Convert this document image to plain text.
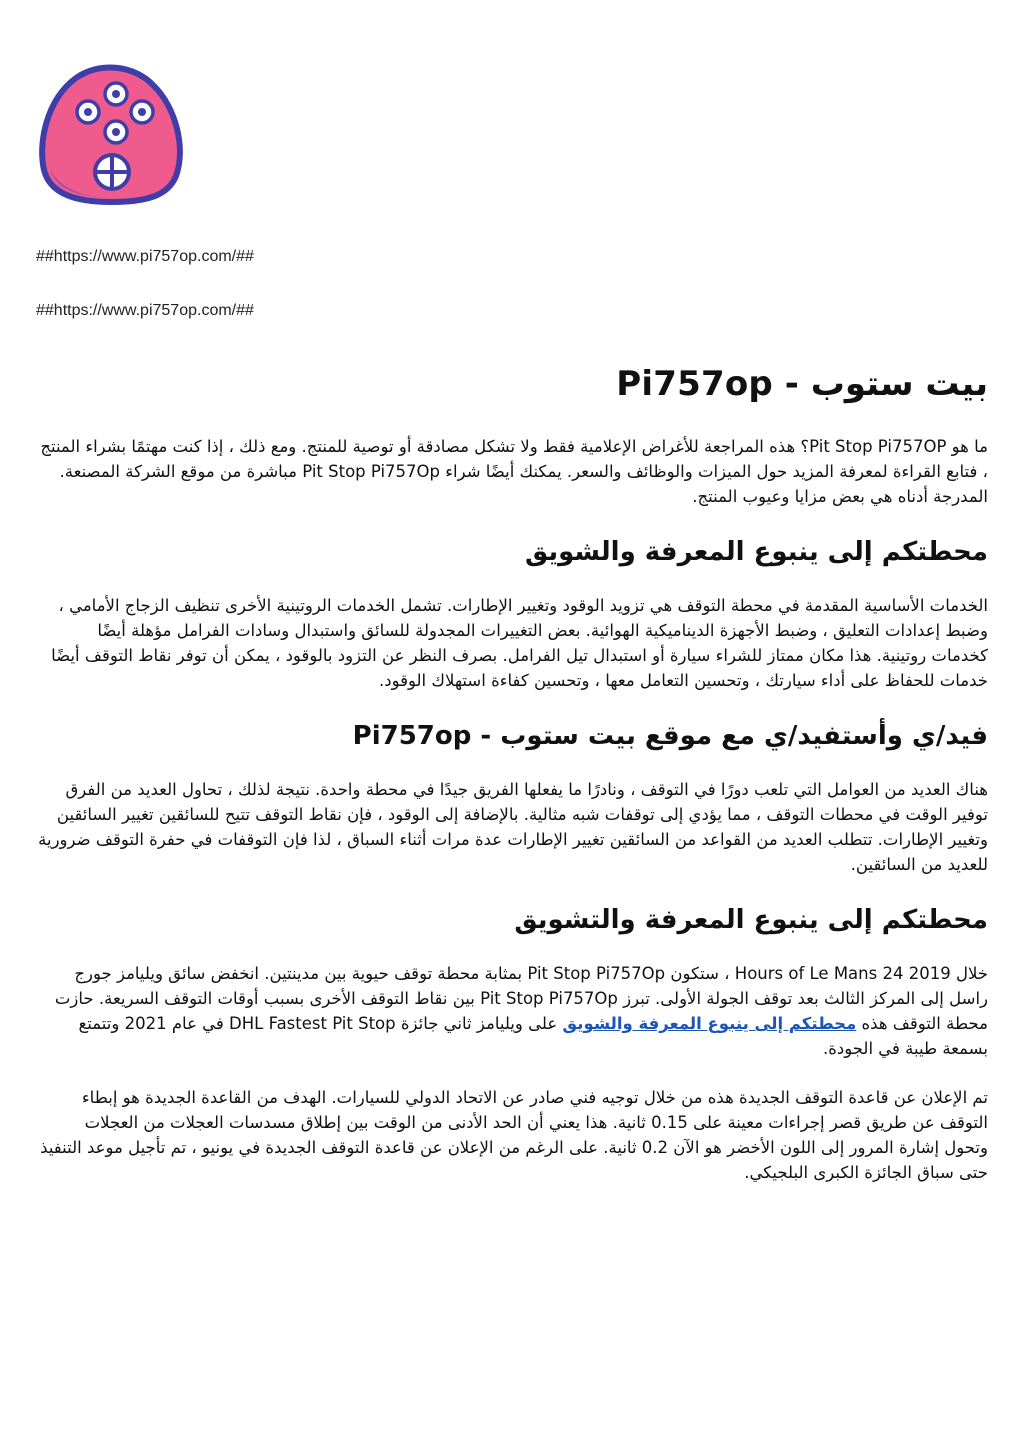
##https://www.pi757op.com/##
##https://www.pi757op.com/##
بيت ستوب - Pi757op

ما هو Pit Stop Pi757OP؟ هذه المراجعة للأغراض الإعلامية فقط ولا تشكل مصادقة أو توصية للمنتج. ومع ذلك ، إذا كنت مهتمًا بشراء المنتج ، فتابع القراءة لمعرفة المزيد حول الميزات والوظائف والسعر. يمكنك أيضًا شراء Pit Stop Pi757Op مباشرة من موقع الشركة المصنعة. المدرجة أدناه هي بعض مزايا وعيوب المنتج.

محطتكم إلى ينبوع المعرفة والشويق

الخدمات الأساسية المقدمة في محطة التوقف هي تزويد الوقود وتغيير الإطارات. تشمل الخدمات الروتينية الأخرى تنظيف الزجاج الأمامي ، وضبط إعدادات التعليق ، وضبط الأجهزة الديناميكية الهوائية. بعض التغييرات المجدولة للسائق واستبدال وسادات الفرامل مؤهلة أيضًا كخدمات روتينية. هذا مكان ممتاز للشراء سيارة أو استبدال تيل الفرامل. بصرف النظر عن التزود بالوقود ، يمكن أن توفر نقاط التوقف أيضًا خدمات للحفاظ على أداء سيارتك ، وتحسين التعامل معها ، وتحسين كفاءة استهلاك الوقود.

فيد/ي وأستفيد/ي مع موقع بيت ستوب - Pi757op

هناك العديد من العوامل التي تلعب دورًا في التوقف ، ونادرًا ما يفعلها الفريق جيدًا في محطة واحدة. نتيجة لذلك ، تحاول العديد من الفرق توفير الوقت في محطات التوقف ، مما يؤدي إلى توقفات شبه مثالية. بالإضافة إلى الوقود ، فإن نقاط التوقف تتيح للسائقين تغيير السائقين وتغيير الإطارات. تتطلب العديد من القواعد من السائقين تغيير الإطارات عدة مرات أثناء السباق ، لذا فإن التوقفات في حفرة التوقف ضرورية للعديد من السائقين.

محطتكم إلى ينبوع المعرفة والتشويق

خلال 2019 24 Hours of Le Mans ، ستكون Pit Stop Pi757Op بمثابة محطة توقف حيوية بين مدينتين. انخفض سائق ويليامز جورج راسل إلى المركز الثالث بعد توقف الجولة الأولى. تبرز Pit Stop Pi757Op بين نقاط التوقف الأخرى بسبب أوقات التوقف السريعة. حازت محطة التوقف هذه محطتكم إلى ينبوع المعرفة والشويق على ويليامز ثاني جائزة DHL Fastest Pit Stop في عام 2021 وتتمتع بسمعة طيبة في الجودة.

تم الإعلان عن قاعدة التوقف الجديدة هذه من خلال توجيه فني صادر عن الاتحاد الدولي للسيارات. الهدف من القاعدة الجديدة هو إبطاء التوقف عن طريق قصر إجراءات معينة على 0.15 ثانية. هذا يعني أن الحد الأدنى من الوقت بين إطلاق مسدسات العجلات من العجلات وتحول إشارة المرور إلى اللون الأخضر هو الآن 0.2 ثانية. على الرغم من الإعلان عن قاعدة التوقف الجديدة في يونيو ، تم تأجيل موعد التنفيذ حتى سباق الجائزة الكبرى البلجيكي.
